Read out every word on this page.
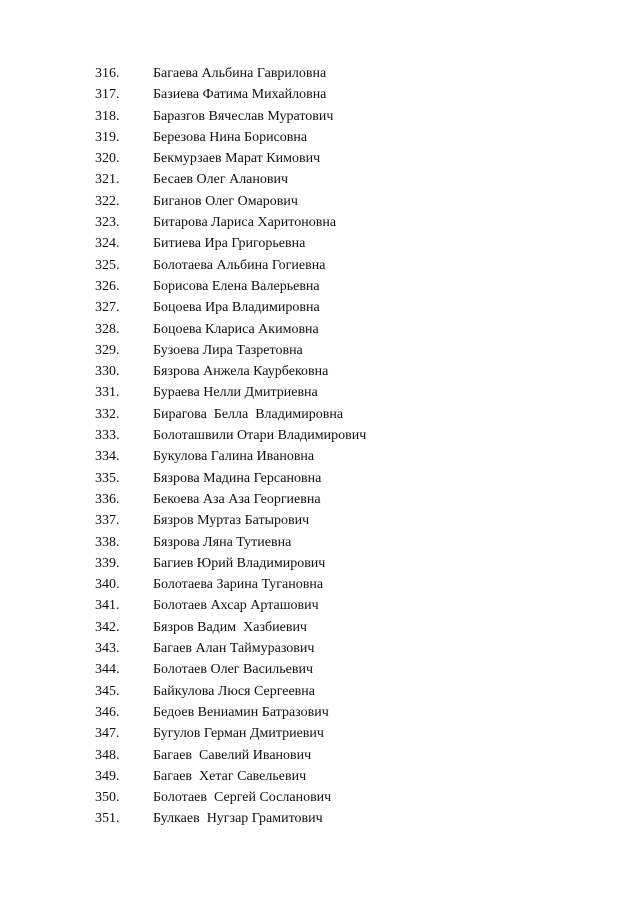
316. Багаева Альбина Гавриловна
317. Базиева Фатима Михайловна
318. Баразгов Вячеслав Муратович
319. Березова Нина Борисовна
320. Бекмурзаев Марат Кимович
321. Бесаев Олег Аланович
322. Биганов Олег Омарович
323. Битарова Лариса Харитоновна
324. Битиева Ира Григорьевна
325. Болотаева Альбина Гогиевна
326. Борисова Елена Валерьевна
327. Боцоева Ира Владимировна
328. Боцоева Клариса Акимовна
329. Бузоева Лира Тазретовна
330. Бязрова Анжела Каурбековна
331. Бураева Нелли Дмитриевна
332. Бирагова  Белла  Владимировна
333. Болоташвили Отари Владимирович
334. Букулова Галина Ивановна
335. Бязрова Мадина Герсановна
336. Бекоева Аза Аза Георгиевна
337. Бязров Муртаз Батырович
338. Бязрова Ляна Тутиевна
339. Багиев Юрий Владимирович
340. Болотаева Зарина Тугановна
341. Болотаев Ахсар Арташович
342. Бязров Вадим  Хазбиевич
343. Багаев Алан Таймуразович
344. Болотаев Олег Васильевич
345. Байкулова Люся Сергеевна
346. Бедоев Вениамин Батразович
347. Бугулов Герман Дмитриевич
348. Багаев  Савелий Иванович
349. Багаев  Хетаг Савельевич
350. Болотаев  Сергей Сосланович
351. Булкаев  Нугзар Грамитович
